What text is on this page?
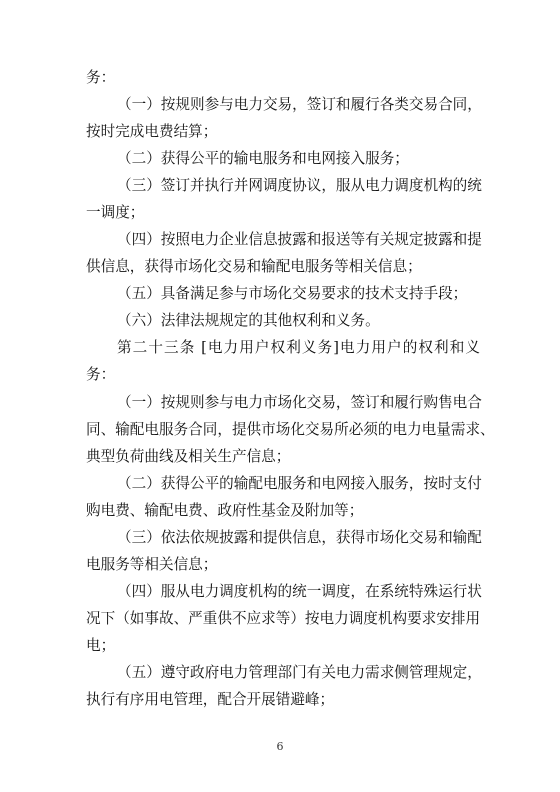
务：
（一）按规则参与电力交易，签订和履行各类交易合同，
按时完成电费结算；
（二）获得公平的输电服务和电网接入服务；
（三）签订并执行并网调度协议，服从电力调度机构的统
一调度；
（四）按照电力企业信息披露和报送等有关规定披露和提
供信息，获得市场化交易和输配电服务等相关信息；
（五）具备满足参与市场化交易要求的技术支持手段；
（六）法律法规规定的其他权利和义务。
第二十三条 [电力用户权利义务]电力用户的权利和义
务：
（一）按规则参与电力市场化交易，签订和履行购售电合
同、输配电服务合同，提供市场化交易所必须的电力电量需求、
典型负荷曲线及相关生产信息；
（二）获得公平的输配电服务和电网接入服务，按时支付
购电费、输配电费、政府性基金及附加等；
（三）依法依规披露和提供信息，获得市场化交易和输配
电服务等相关信息；
（四）服从电力调度机构的统一调度，在系统特殊运行状
况下（如事故、严重供不应求等）按电力调度机构要求安排用
电；
（五）遵守政府电力管理部门有关电力需求侧管理规定，
执行有序用电管理，配合开展错避峰；
6
